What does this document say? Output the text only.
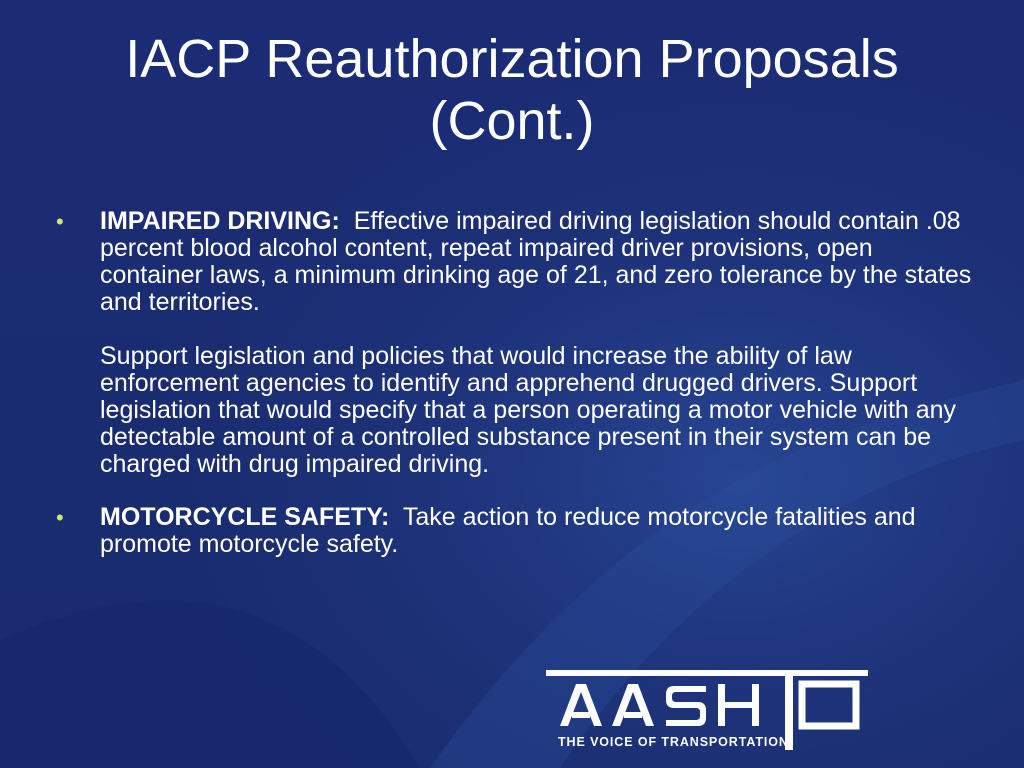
IACP Reauthorization Proposals
(Cont.)
• IMPAIRED DRIVING: Effective impaired driving legislation should contain .08 percent blood alcohol content, repeat impaired driver provisions, open container laws, a minimum drinking age of 21, and zero tolerance by the states and territories.

Support legislation and policies that would increase the ability of law enforcement agencies to identify and apprehend drugged drivers. Support legislation that would specify that a person operating a motor vehicle with any detectable amount of a controlled substance present in their system can be charged with drug impaired driving.

• MOTORCYCLE SAFETY: Take action to reduce motorcycle fatalities and promote motorcycle safety.

THE VOICE OF TRANSPORTATION
